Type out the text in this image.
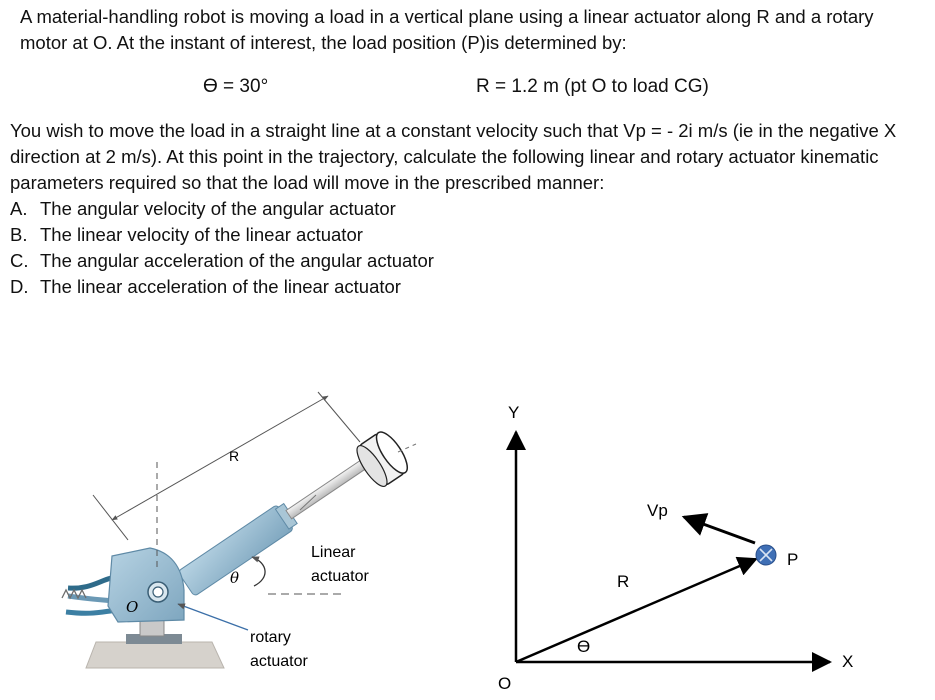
A material-handling robot is moving a load in a vertical plane using a linear actuator along R and a rotary motor at O. At the instant of interest, the load position (P)is determined by:

ϴ = 30°	R = 1.2 m (pt O to load CG)

You wish to move the load in a straight line at a constant velocity such that Vp = - 2i m/s (ie in the negative X direction at 2 m/s). At this point in the trajectory, calculate the following linear and rotary actuator kinematic parameters required so that the load will move in the prescribed manner:

A. The angular velocity of the angular actuator
B. The linear velocity of the linear actuator
C. The angular acceleration of the angular actuator
D. The linear acceleration of the linear actuator
R
θ
O
Linear
actuator
rotary
actuator
Y
X
O
R
ϴ
Vp
P
